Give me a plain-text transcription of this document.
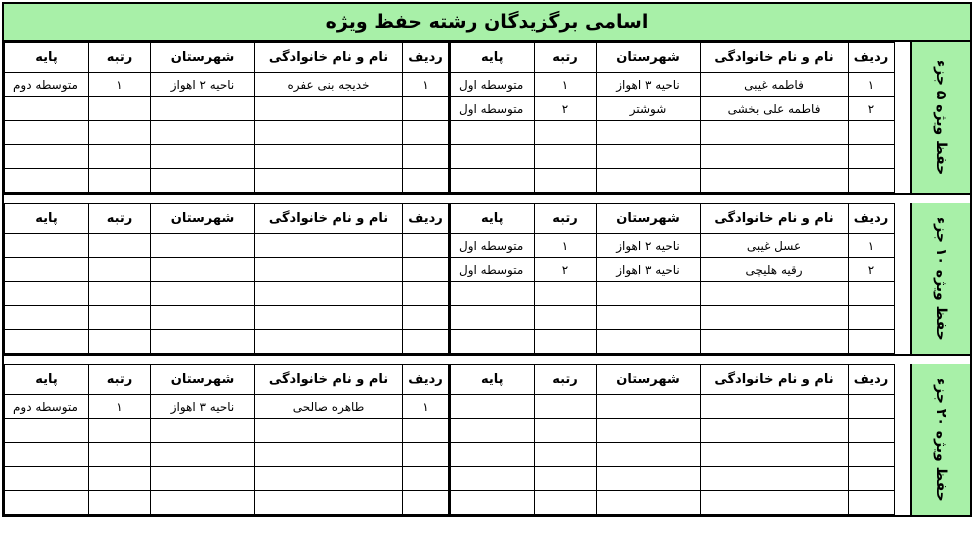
اسامی برگزیدگان رشته حفظ ویژه
ردیف	نام و نام خانوادگی	شهرستان	رتبه	پایه
۱	خدیجه بنی عفره	ناحیه ۲ اهواز	۱	متوسطه دوم

ردیف	نام و نام خانوادگی	شهرستان	رتبه	پایه
۱	فاطمه غیبی	ناحیه ۳ اهواز	۱	متوسطه اول
۲	فاطمه علی بخشی	شوشتر	۲	متوسطه اول

حفظ ویژه ۵ جزء
ردیف	نام و نام خانوادگی	شهرستان	رتبه	پایه

					ردیف	نام و نام خانوادگی	شهرستان	رتبه	پایه
۱	عسل غیبی	ناحیه ۲ اهواز	۱	متوسطه اول
۲	رقیه هلیچی	ناحیه ۳ اهواز	۲	متوسطه اول

حفظ ویژه ۱۰ جزء
ردیف	نام و نام خانوادگی	شهرستان	رتبه	پایه
۱	طاهره صالحی	ناحیه ۳ اهواز	۱	متوسطه دوم

ردیف	نام و نام خانوادگی	شهرستان	رتبه	پایه

					حفظ ویژه ۲۰ جزء
